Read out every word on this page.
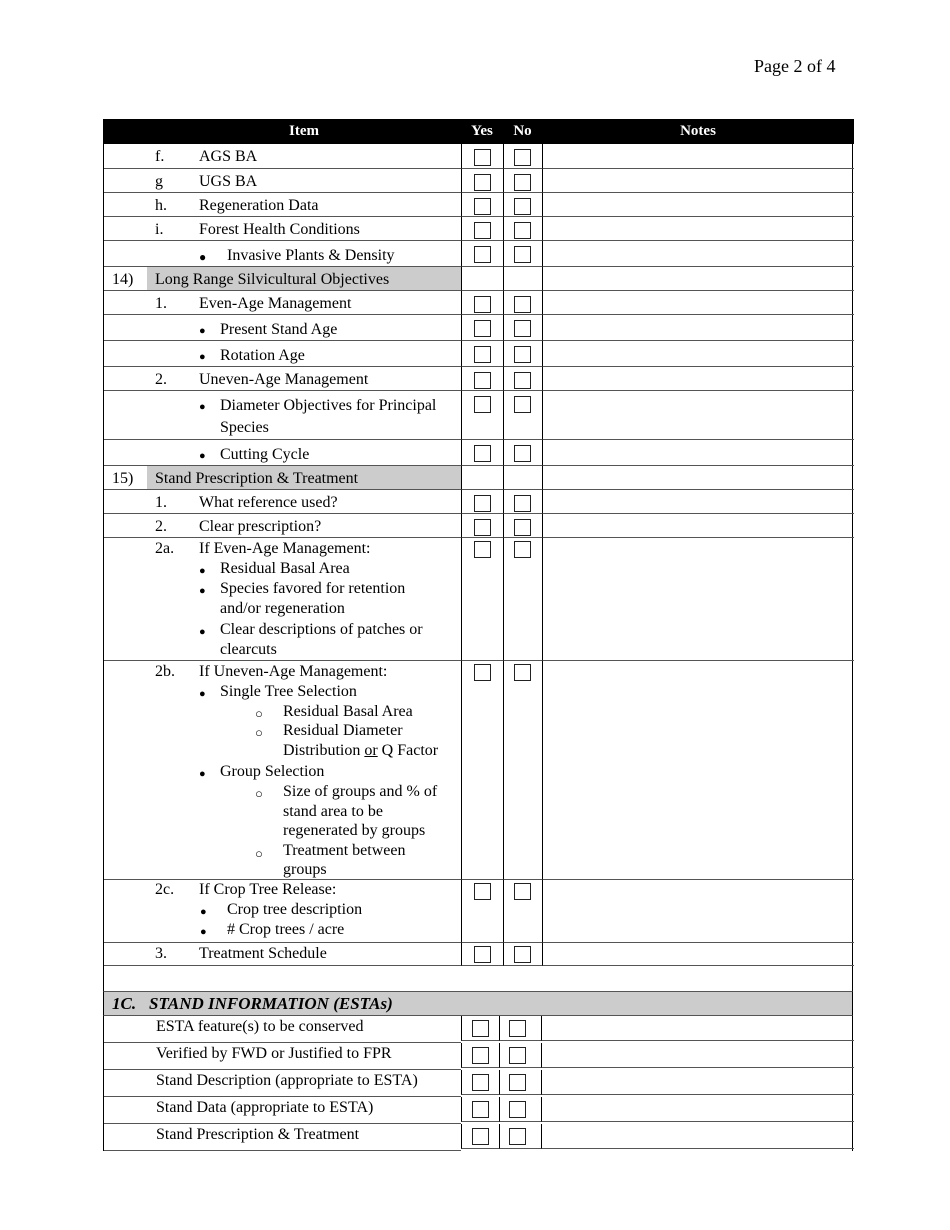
Page 2 of 4
Item	Yes	No	Notes
f. AGS BA
g UGS BA
h. Regeneration Data
i. Forest Health Conditions
● Invasive Plants & Density
14)	Long Range Silvicultural Objectives
1. Even-Age Management
● Present Stand Age
● Rotation Age
2. Uneven-Age Management
● Diameter Objectives for Principal
Species
● Cutting Cycle
15)	Stand Prescription & Treatment
1. What reference used?
2. Clear prescription?
2a. If Even-Age Management:
● Residual Basal Area
● Species favored for retention
and/or regeneration
● Clear descriptions of patches or
clearcuts
2b. If Uneven-Age Management:
● Single Tree Selection
○ Residual Basal Area
○ Residual Diameter
Distribution or Q Factor
● Group Selection
○ Size of groups and % of
stand area to be
regenerated by groups
○ Treatment between
groups
2c. If Crop Tree Release:
● Crop tree description
● # Crop trees / acre
3. Treatment Schedule
1C. STAND INFORMATION (ESTAs)
ESTA feature(s) to be conserved
Verified by FWD or Justified to FPR
Stand Description (appropriate to ESTA)
Stand Data (appropriate to ESTA)
Stand Prescription & Treatment
